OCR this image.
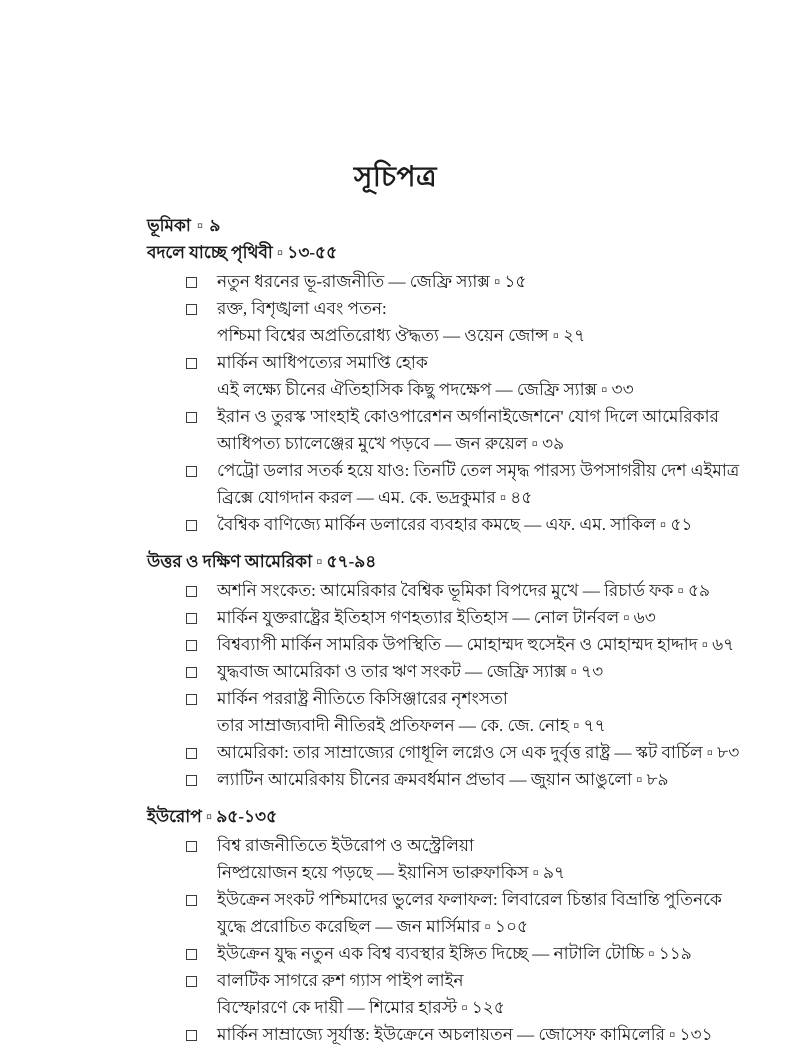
সূচিপত্র
ভূমিকা ▫ ৯
বদলে যাচ্ছে পৃথিবী ▫ ১৩-৫৫
নতুন ধরনের ভূ-রাজনীতি — জেফ্রি স্যাক্স ▫ ১৫
রক্ত, বিশৃঙ্খলা এবং পতন:
পশ্চিমা বিশ্বের অপ্রতিরোধ্য ঔদ্ধত্য — ওয়েন জোন্স ▫ ২৭
মার্কিন আধিপত্যের সমাপ্তি হোক
এই লক্ষ্যে চীনের ঐতিহাসিক কিছু পদক্ষেপ — জেফ্রি স্যাক্স ▫ ৩৩
ইরান ও তুরস্ক 'সাংহাই কোওপারেশন অর্গানাইজেশনে' যোগ দিলে আমেরিকার
আধিপত্য চ্যালেঞ্জের মুখে পড়বে — জন রুয়েল ▫ ৩৯
পেট্রো ডলার সতর্ক হয়ে যাও: তিনটি তেল সমৃদ্ধ পারস্য উপসাগরীয় দেশ এইমাত্র
ব্রিক্সে যোগদান করল — এম. কে. ভদ্রকুমার ▫ ৪৫
বৈশ্বিক বাণিজ্যে মার্কিন ডলারের ব্যবহার কমছে — এফ. এম. সাকিল ▫ ৫১
উত্তর ও দক্ষিণ আমেরিকা ▫ ৫৭-৯৪
অশনি সংকেত: আমেরিকার বৈশ্বিক ভূমিকা বিপদের মুখে — রিচার্ড ফক ▫ ৫৯
মার্কিন যুক্তরাষ্ট্রের ইতিহাস গণহত্যার ইতিহাস — নোল টার্নবল ▫ ৬৩
বিশ্বব্যাপী মার্কিন সামরিক উপস্থিতি — মোহাম্মদ হুসেইন ও মোহাম্মদ হাদ্দাদ ▫ ৬৭
যুদ্ধবাজ আমেরিকা ও তার ঋণ সংকট — জেফ্রি স্যাক্স ▫ ৭৩
মার্কিন পররাষ্ট্র নীতিতে কিসিঞ্জারের নৃশংসতা
তার সাম্রাজ্যবাদী নীতিরই প্রতিফলন — কে. জে. নোহ ▫ ৭৭
আমেরিকা: তার সাম্রাজ্যের গোধূলি লগ্নেও সে এক দুর্বৃত্ত রাষ্ট্র — স্কট বার্চিল ▫ ৮৩
ল্যাটিন আমেরিকায় চীনের ক্রমবর্ধমান প্রভাব — জুয়ান আঙুলো ▫ ৮৯
ইউরোপ ▫ ৯৫-১৩৫
বিশ্ব রাজনীতিতে ইউরোপ ও অস্ট্রেলিয়া
নিষ্প্রয়োজন হয়ে পড়ছে — ইয়ানিস ভারুফাকিস ▫ ৯৭
ইউক্রেন সংকট পশ্চিমাদের ভুলের ফলাফল: লিবারেল চিন্তার বিভ্রান্তি পুতিনকে
যুদ্ধে প্ররোচিত করেছিল — জন মার্সিমার ▫ ১০৫
ইউক্রেন যুদ্ধ নতুন এক বিশ্ব ব্যবস্থার ইঙ্গিত দিচ্ছে — নাটালি টোচ্চি ▫ ১১৯
বালটিক সাগরে রুশ গ্যাস পাইপ লাইন
বিস্ফোরণে কে দায়ী — শিমোর হারস্ট ▫ ১২৫
মার্কিন সাম্রাজ্যে সূর্যাস্ত: ইউক্রেনে অচলায়তন — জোসেফ কামিলেরি ▫ ১৩১
